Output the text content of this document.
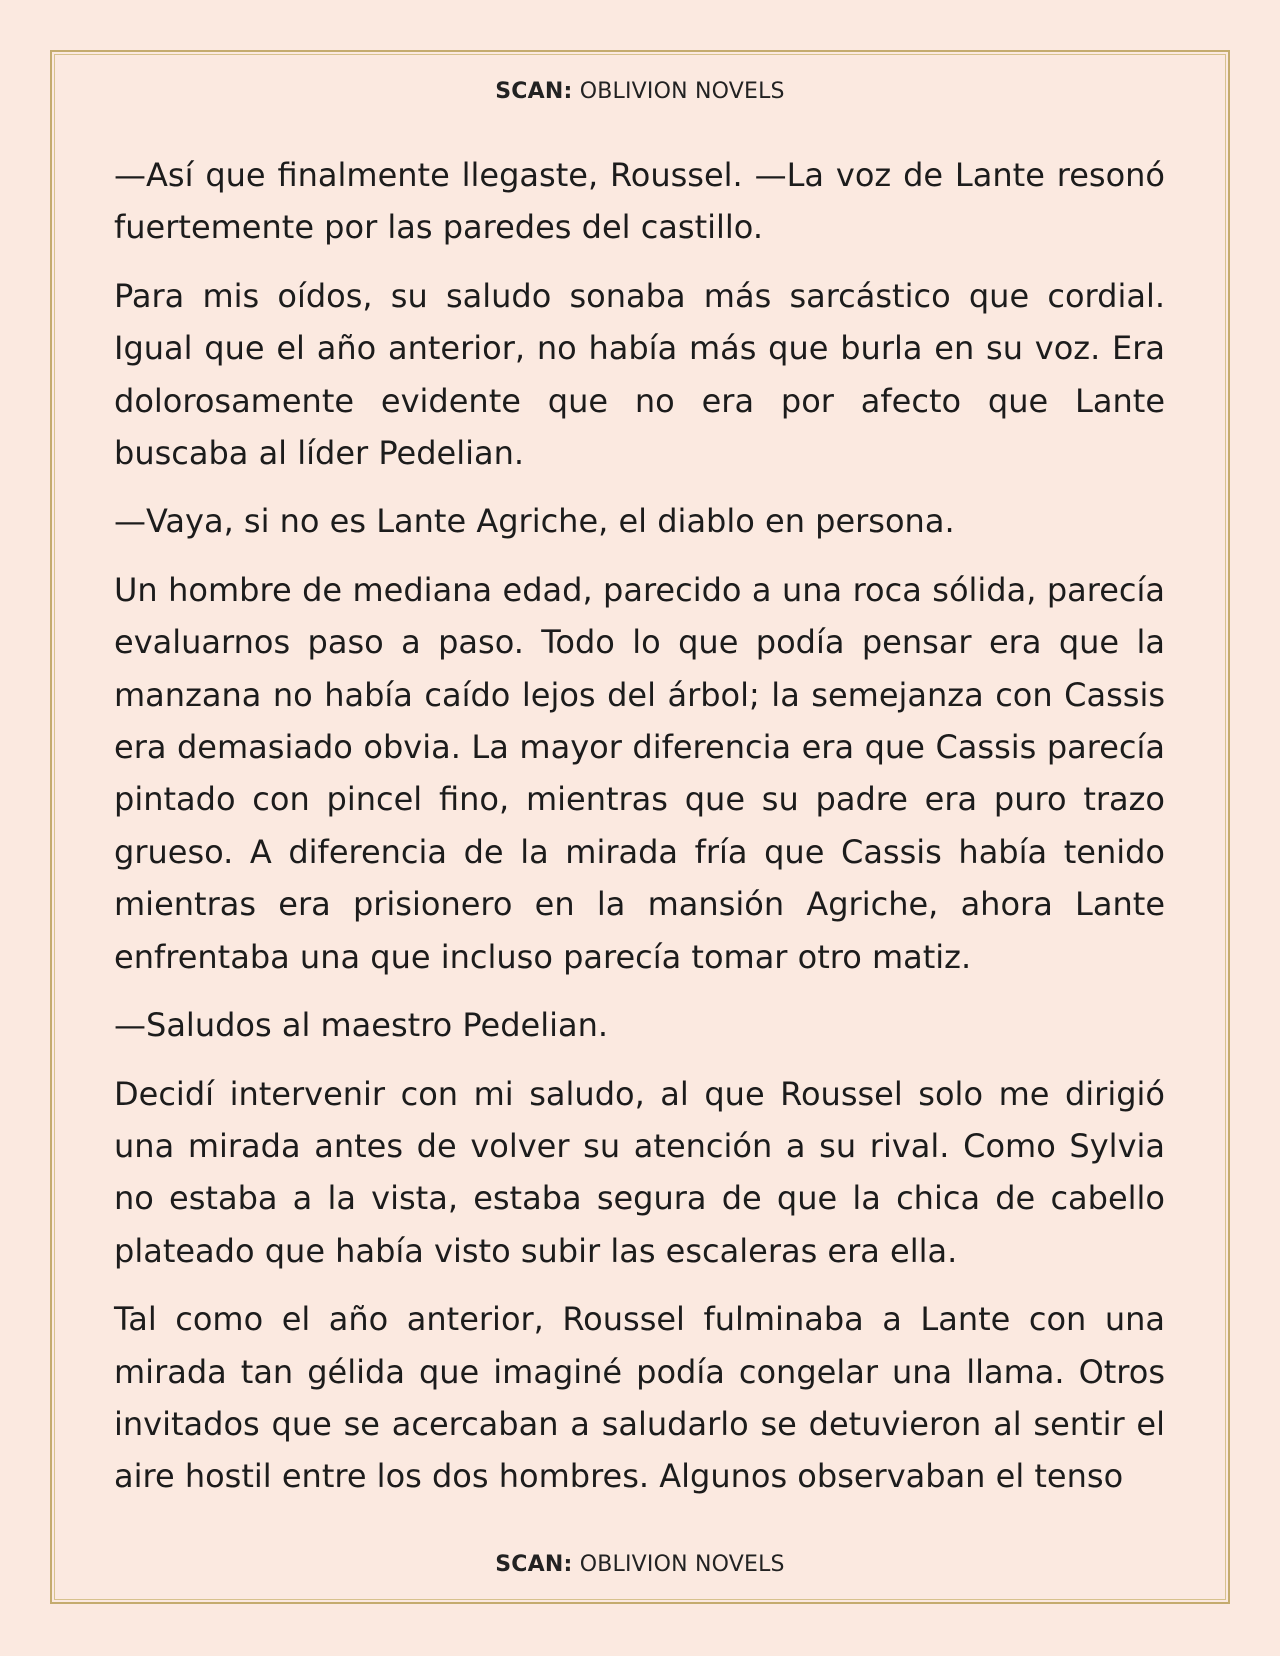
SCAN: OBLIVION NOVELS

—Así que finalmente llegaste, Roussel. —La voz de Lante resonó fuertemente por las paredes del castillo.

Para mis oídos, su saludo sonaba más sarcástico que cordial. Igual que el año anterior, no había más que burla en su voz. Era dolorosamente evidente que no era por afecto que Lante buscaba al líder Pedelian.

—Vaya, si no es Lante Agriche, el diablo en persona.

Un hombre de mediana edad, parecido a una roca sólida, parecía evaluarnos paso a paso. Todo lo que podía pensar era que la manzana no había caído lejos del árbol; la semejanza con Cassis era demasiado obvia. La mayor diferencia era que Cassis parecía pintado con pincel fino, mientras que su padre era puro trazo grueso. A diferencia de la mirada fría que Cassis había tenido mientras era prisionero en la mansión Agriche, ahora Lante enfrentaba una que incluso parecía tomar otro matiz.

—Saludos al maestro Pedelian.

Decidí intervenir con mi saludo, al que Roussel solo me dirigió una mirada antes de volver su atención a su rival. Como Sylvia no estaba a la vista, estaba segura de que la chica de cabello plateado que había visto subir las escaleras era ella.

Tal como el año anterior, Roussel fulminaba a Lante con una mirada tan gélida que imaginé podía congelar una llama. Otros invitados que se acercaban a saludarlo se detuvieron al sentir el aire hostil entre los dos hombres. Algunos observaban el tenso

SCAN: OBLIVION NOVELS
